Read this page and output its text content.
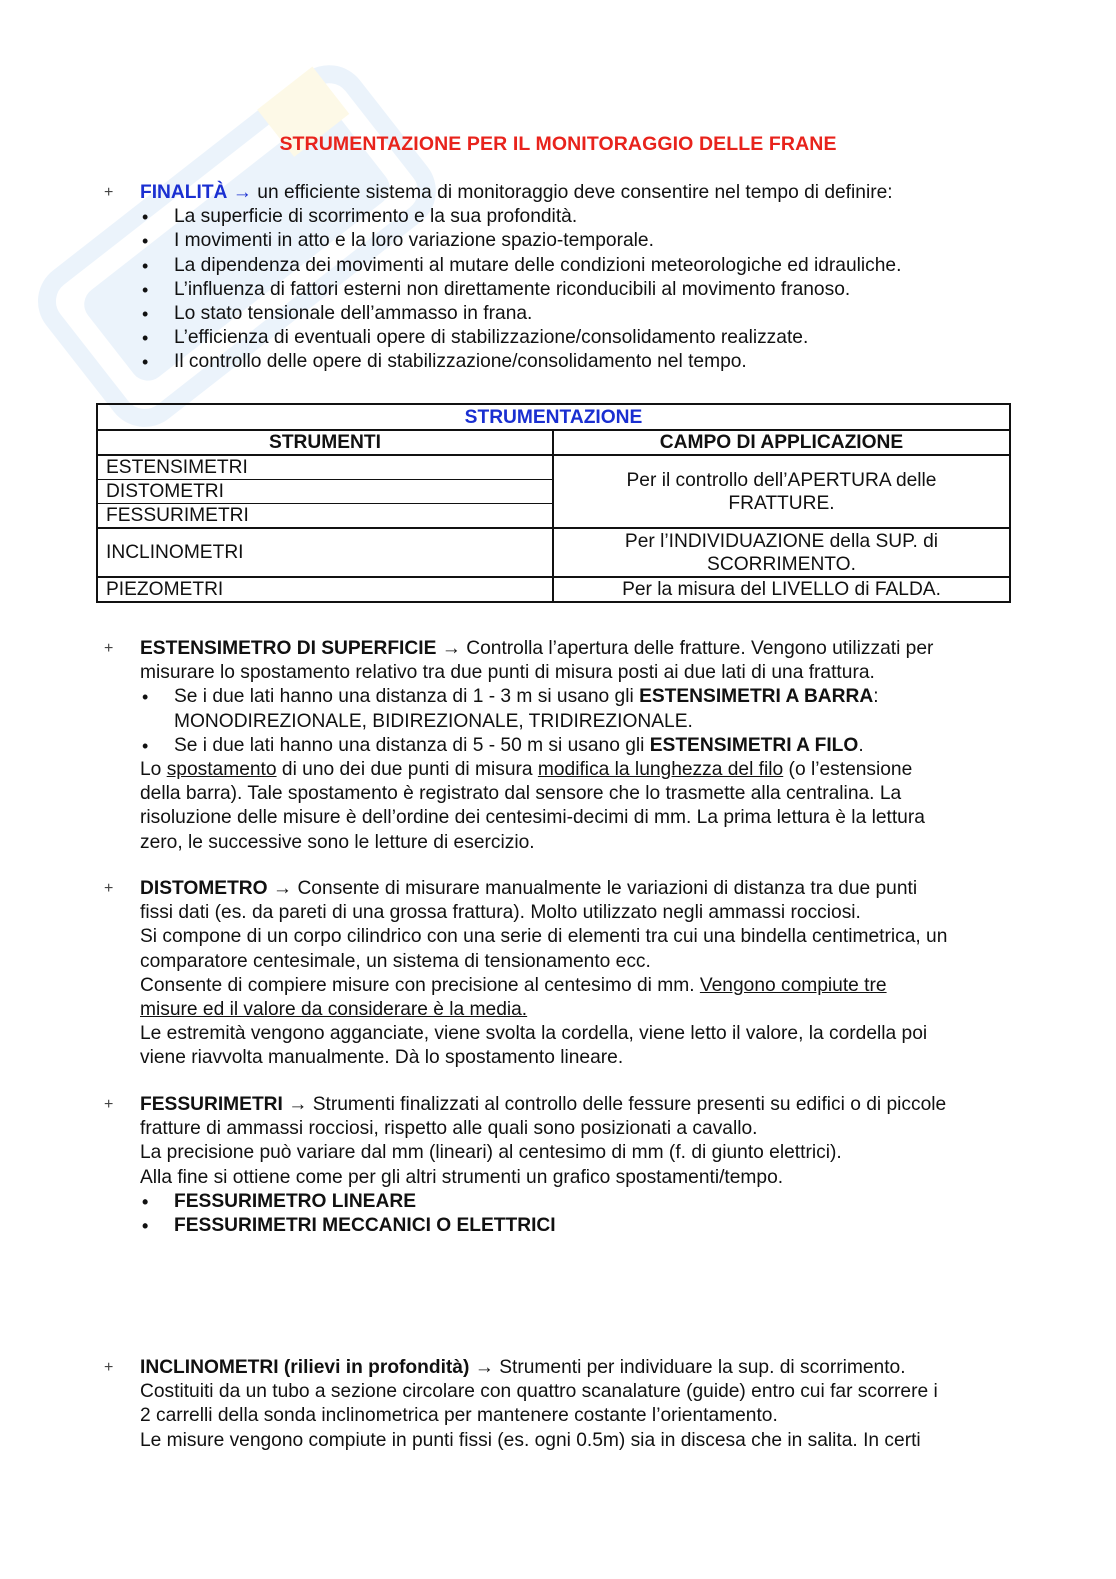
STRUMENTAZIONE PER IL MONITORAGGIO DELLE FRANE
+	FINALITÀ → un efficiente sistema di monitoraggio deve consentire nel tempo di definire:
• La superficie di scorrimento e la sua profondità.
• I movimenti in atto e la loro variazione spazio-temporale.
• La dipendenza dei movimenti al mutare delle condizioni meteorologiche ed idrauliche.
• L’influenza di fattori esterni non direttamente riconducibili al movimento franoso.
• Lo stato tensionale dell’ammasso in frana.
• L’efficienza di eventuali opere di stabilizzazione/consolidamento realizzate.
• Il controllo delle opere di stabilizzazione/consolidamento nel tempo.
STRUMENTAZIONE	
STRUMENTI	CAMPO DI APPLICAZIONE
ESTENSIMETRI	Per il controllo dell’APERTURA delle
FRATTURE.

DISTOMETRI	
FESSURIMETRI	
INCLINOMETRI	Per l’INDIVIDUAZIONE della SUP. di
SCORRIMENTO.

PIEZOMETRI	Per la misura del LIVELLO di FALDA.
+	ESTENSIMETRO DI SUPERFICIE → Controlla l’apertura delle fratture. Vengono utilizzati per
misurare lo spostamento relativo tra due punti di misura posti ai due lati di una frattura.
• Se i due lati hanno una distanza di 1 - 3 m si usano gli ESTENSIMETRI A BARRA:
MONODIREZIONALE, BIDIREZIONALE, TRIDIREZIONALE.
• Se i due lati hanno una distanza di 5 - 50 m si usano gli ESTENSIMETRI A FILO.
Lo spostamento di uno dei due punti di misura modifica la lunghezza del filo (o l’estensione
della barra). Tale spostamento è registrato dal sensore che lo trasmette alla centralina. La
risoluzione delle misure è dell’ordine dei centesimi-decimi di mm. La prima lettura è la lettura
zero, le successive sono le letture di esercizio.
+	DISTOMETRO → Consente di misurare manualmente le variazioni di distanza tra due punti
fissi dati (es. da pareti di una grossa frattura). Molto utilizzato negli ammassi rocciosi.
Si compone di un corpo cilindrico con una serie di elementi tra cui una bindella centimetrica, un
comparatore centesimale, un sistema di tensionamento ecc.
Consente di compiere misure con precisione al centesimo di mm. Vengono compiute tre
misure ed il valore da considerare è la media.
Le estremità vengono agganciate, viene svolta la cordella, viene letto il valore, la cordella poi
viene riavvolta manualmente. Dà lo spostamento lineare.
+	FESSURIMETRI → Strumenti finalizzati al controllo delle fessure presenti su edifici o di piccole
fratture di ammassi rocciosi, rispetto alle quali sono posizionati a cavallo.
La precisione può variare dal mm (lineari) al centesimo di mm (f. di giunto elettrici).
Alla fine si ottiene come per gli altri strumenti un grafico spostamenti/tempo.
• FESSURIMETRO LINEARE
• FESSURIMETRI MECCANICI O ELETTRICI
+	INCLINOMETRI (rilievi in profondità) → Strumenti per individuare la sup. di scorrimento.
Costituiti da un tubo a sezione circolare con quattro scanalature (guide) entro cui far scorrere i
2 carrelli della sonda inclinometrica per mantenere costante l’orientamento.
Le misure vengono compiute in punti fissi (es. ogni 0.5m) sia in discesa che in salita. In certi
